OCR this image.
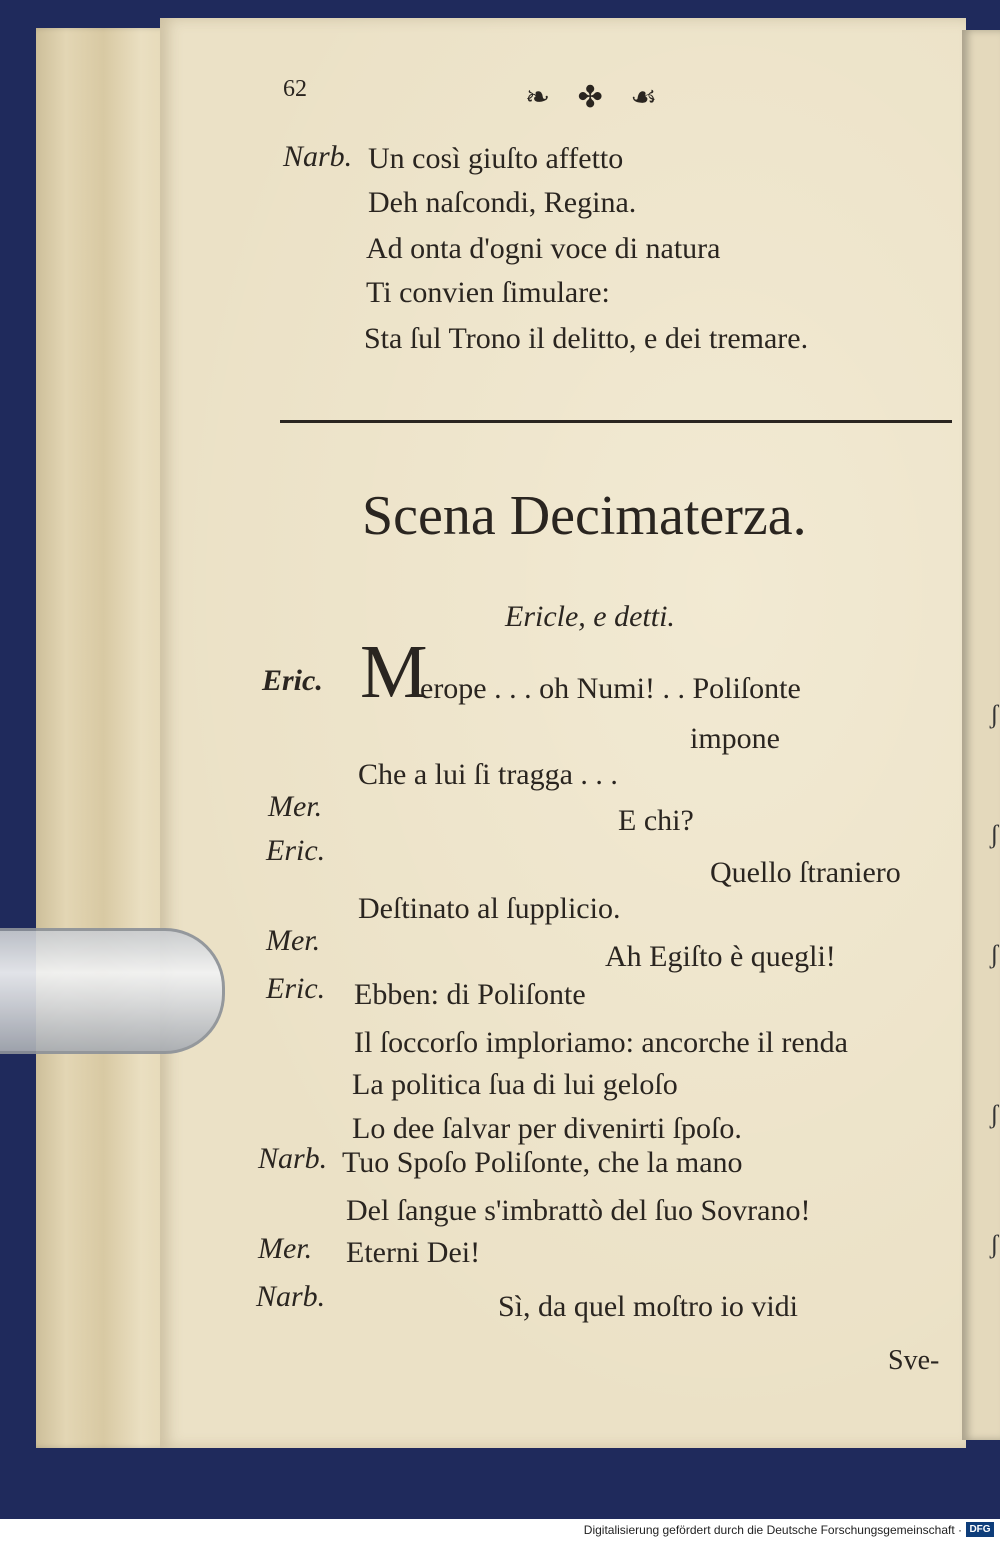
ʃ
ʃ
ʃ
ʃ
ʃ
62	❧ ✤ ☙
Narb. Un così giuſto affetto
Deh naſcondi, Regina.
Ad onta d'ogni voce di natura
Ti convien ſimulare:
Sta ſul Trono il delitto, e dei tremare.
Scena Decimaterza.
Ericle, e detti.
Eric. M
erope . . . oh Numi! . . Poliſonte
impone
Che a lui ſi tragga . . .
Mer.	E chi?
Eric.
Quello ſtraniero
Deſtinato al ſupplicio.
Mer.	Ah Egiſto è quegli!
Eric. Ebben: di Poliſonte
Il ſoccorſo imploriamo: ancorche il renda
La politica ſua di lui geloſo
Lo dee ſalvar per divenirti ſpoſo.
Narb. Tuo Spoſo Poliſonte, che la mano
Del ſangue s'imbrattò del ſuo Sovrano!
Mer. Eterni Dei!
Narb.	Sì, da quel moſtro io vidi
Sve-
Digitalisierung gefördert durch die Deutsche Forschungsgemeinschaft · DFG
